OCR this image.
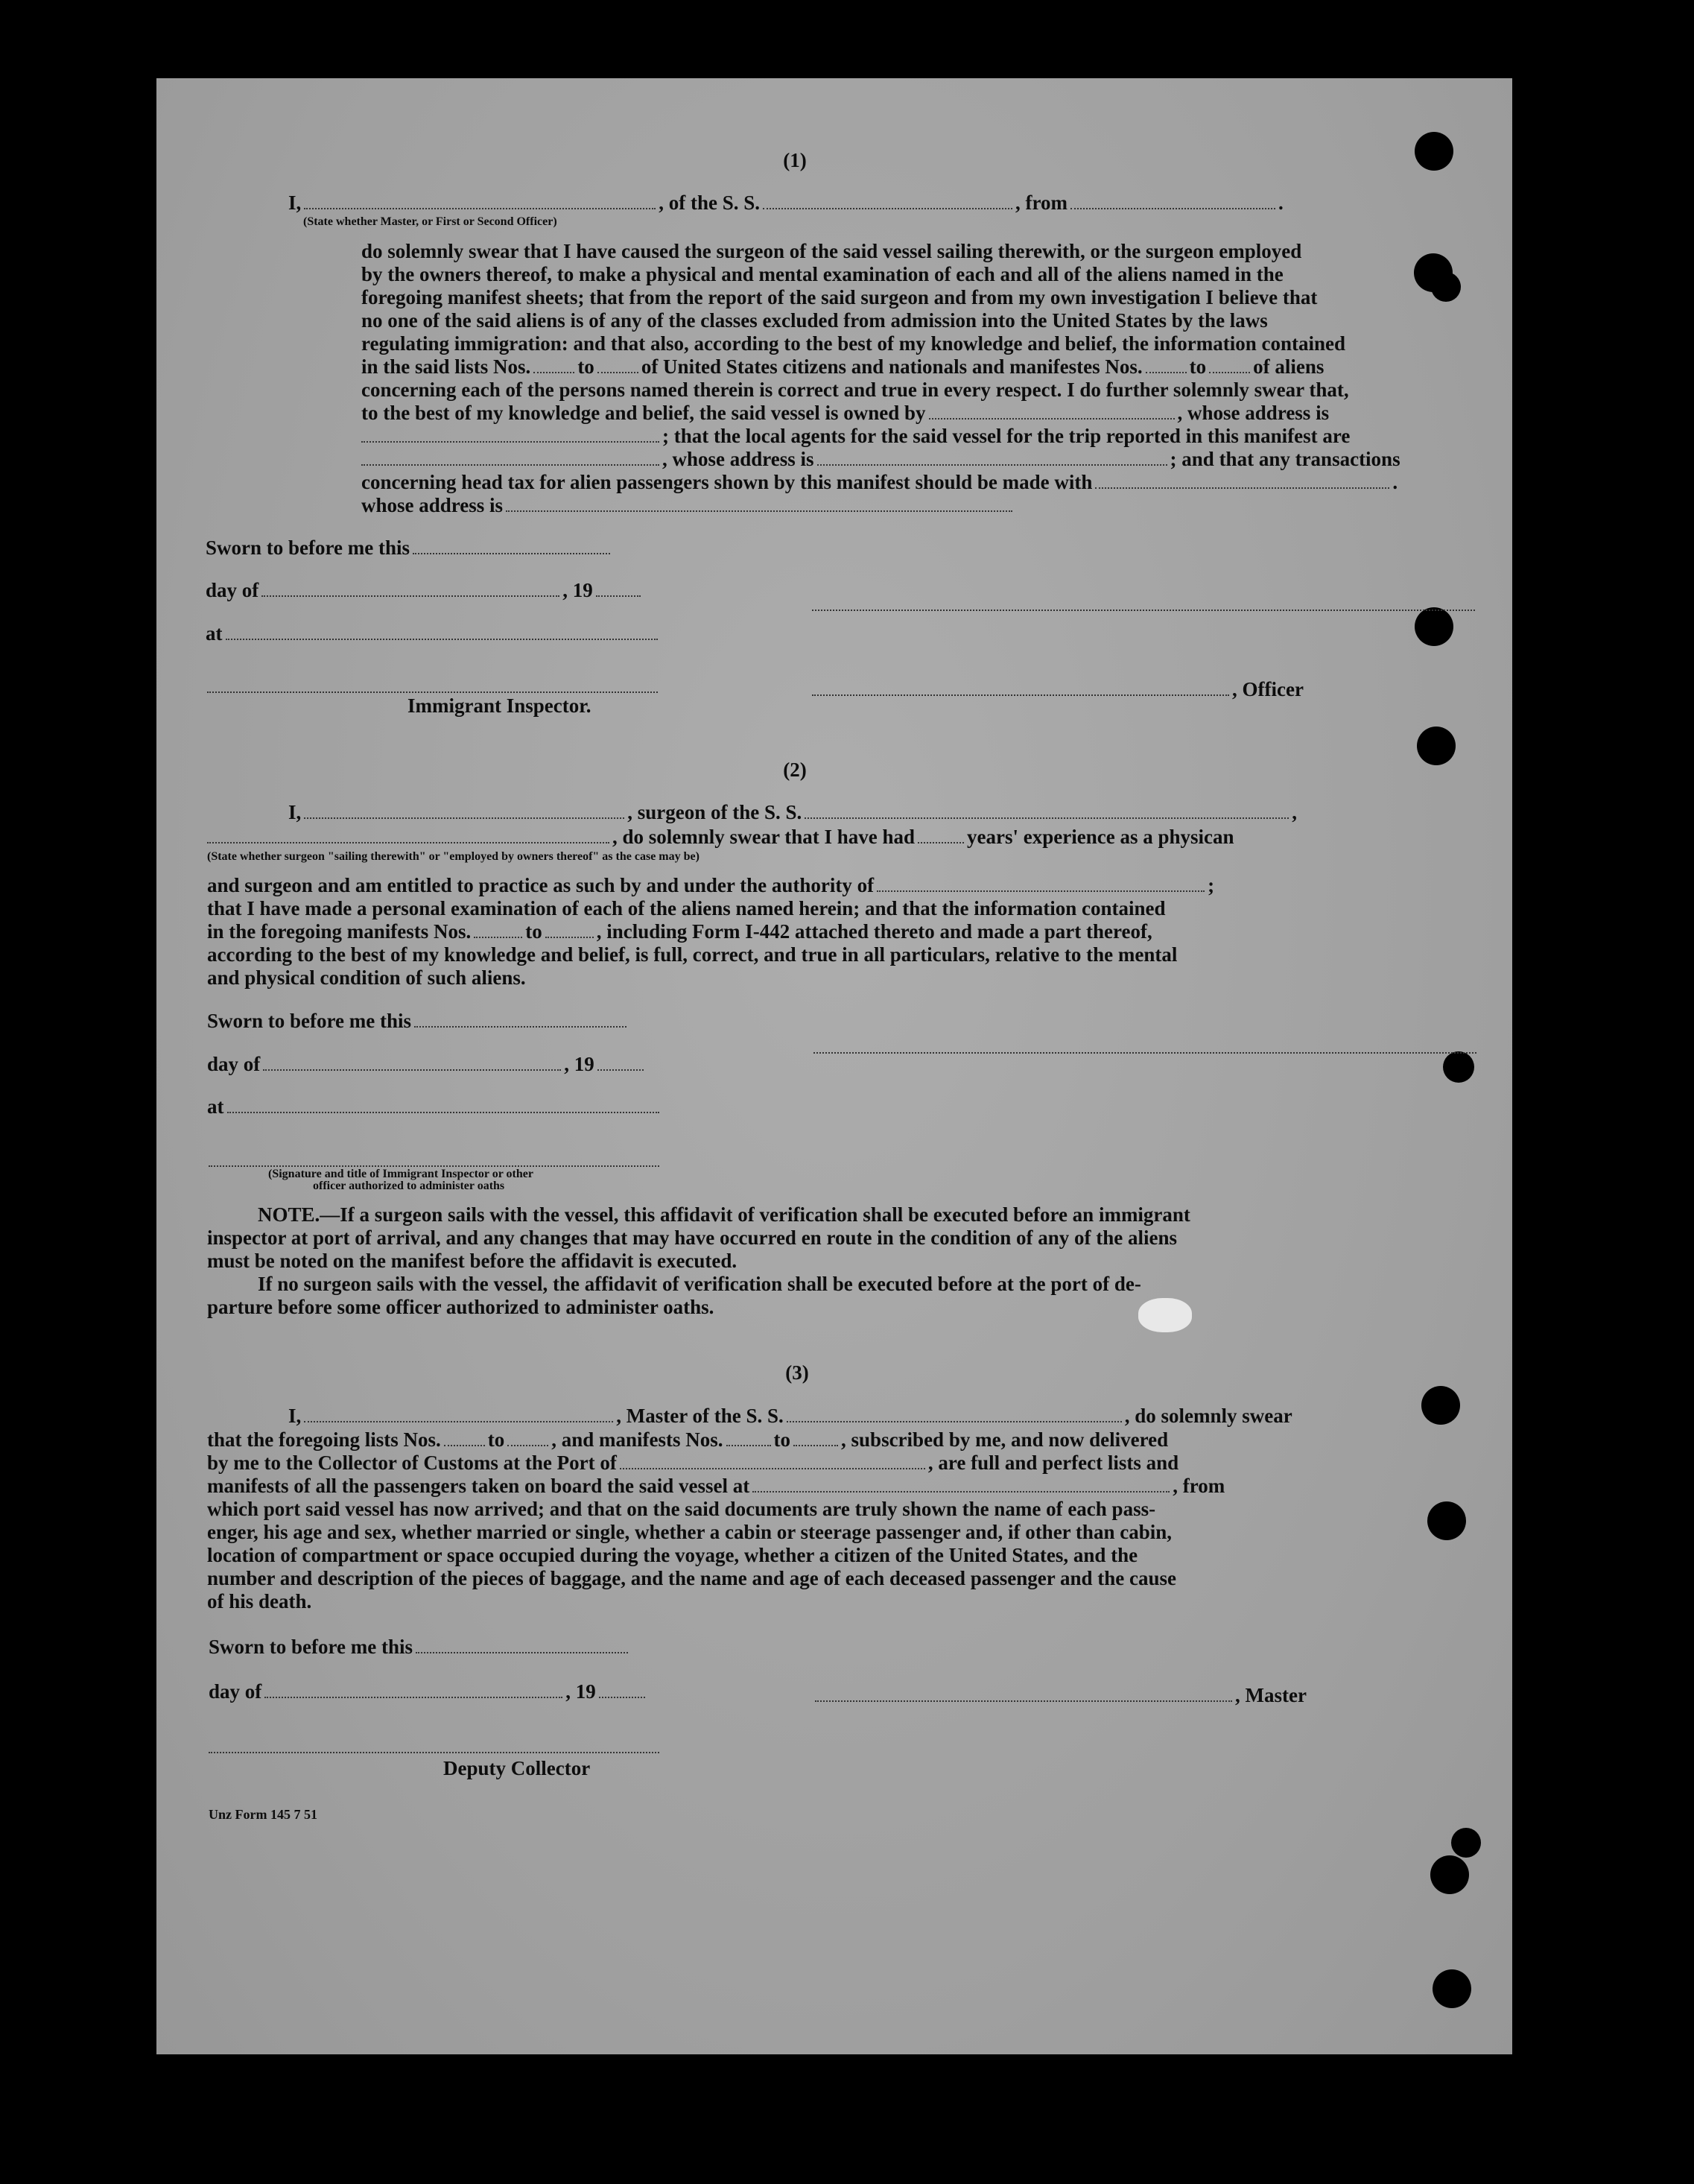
(1)
I,	, of the S. S.	, from	.
(State whether Master, or First or Second Officer)
do solemnly swear that I have caused the surgeon of the said vessel sailing therewith, or the surgeon employed
by the owners thereof, to make a physical and mental examination of each and all of the aliens named in the
foregoing manifest sheets; that from the report of the said surgeon and from my own investigation I believe that
no one of the said aliens is of any of the classes excluded from admission into the United States by the laws
regulating immigration: and that also, according to the best of my knowledge and belief, the information contained
in the said lists Nos. to of United States citizens and nationals and manifestes Nos. to of aliens
concerning each of the persons named therein is correct and true in every respect. I do further solemnly swear that,
to the best of my knowledge and belief, the said vessel is owned by	, whose address is
; that the local agents for the said vessel for the trip reported in this manifest are
, whose address is	; and that any transactions
concerning head tax for alien passengers shown by this manifest should be made with	.
whose address is
Sworn to before me this
day of	, 19
at
, Officer
Immigrant Inspector.
(2)
I,	, surgeon of the S. S.	,
, do solemnly swear that I have had	years' experience as a physican
(State whether surgeon "sailing therewith" or "employed by owners thereof" as the case may be)
and surgeon and am entitled to practice as such by and under the authority of	;
that I have made a personal examination of each of the aliens named herein; and that the information contained
in the foregoing manifests Nos.	to	, including Form I-442 attached thereto and made a part thereof,
according to the best of my knowledge and belief, is full, correct, and true in all particulars, relative to the mental
and physical condition of such aliens.
Sworn to before me this
day of	, 19
at
(Signature and title of Immigrant Inspector or other
officer authorized to administer oaths
NOTE.—If a surgeon sails with the vessel, this affidavit of verification shall be executed before an immigrant
inspector at port of arrival, and any changes that may have occurred en route in the condition of any of the aliens
must be noted on the manifest before the affidavit is executed.
If no surgeon sails with the vessel, the affidavit of verification shall be executed before at the port of de-
parture before some officer authorized to administer oaths.
(3)
I,	, Master of the S. S.	, do solemnly swear
that the foregoing lists Nos. to , and manifests Nos.	to	, subscribed by me, and now delivered
by me to the Collector of Customs at the Port of	, are full and perfect lists and
manifests of all the passengers taken on board the said vessel at	, from
which port said vessel has now arrived; and that on the said documents are truly shown the name of each pass-
enger, his age and sex, whether married or single, whether a cabin or steerage passenger and, if other than cabin,
location of compartment or space occupied during the voyage, whether a citizen of the United States, and the
number and description of the pieces of baggage, and the name and age of each deceased passenger and the cause
of his death.
Sworn to before me this
day of	, 19	, Master
Deputy Collector
Unz Form 145 7 51
